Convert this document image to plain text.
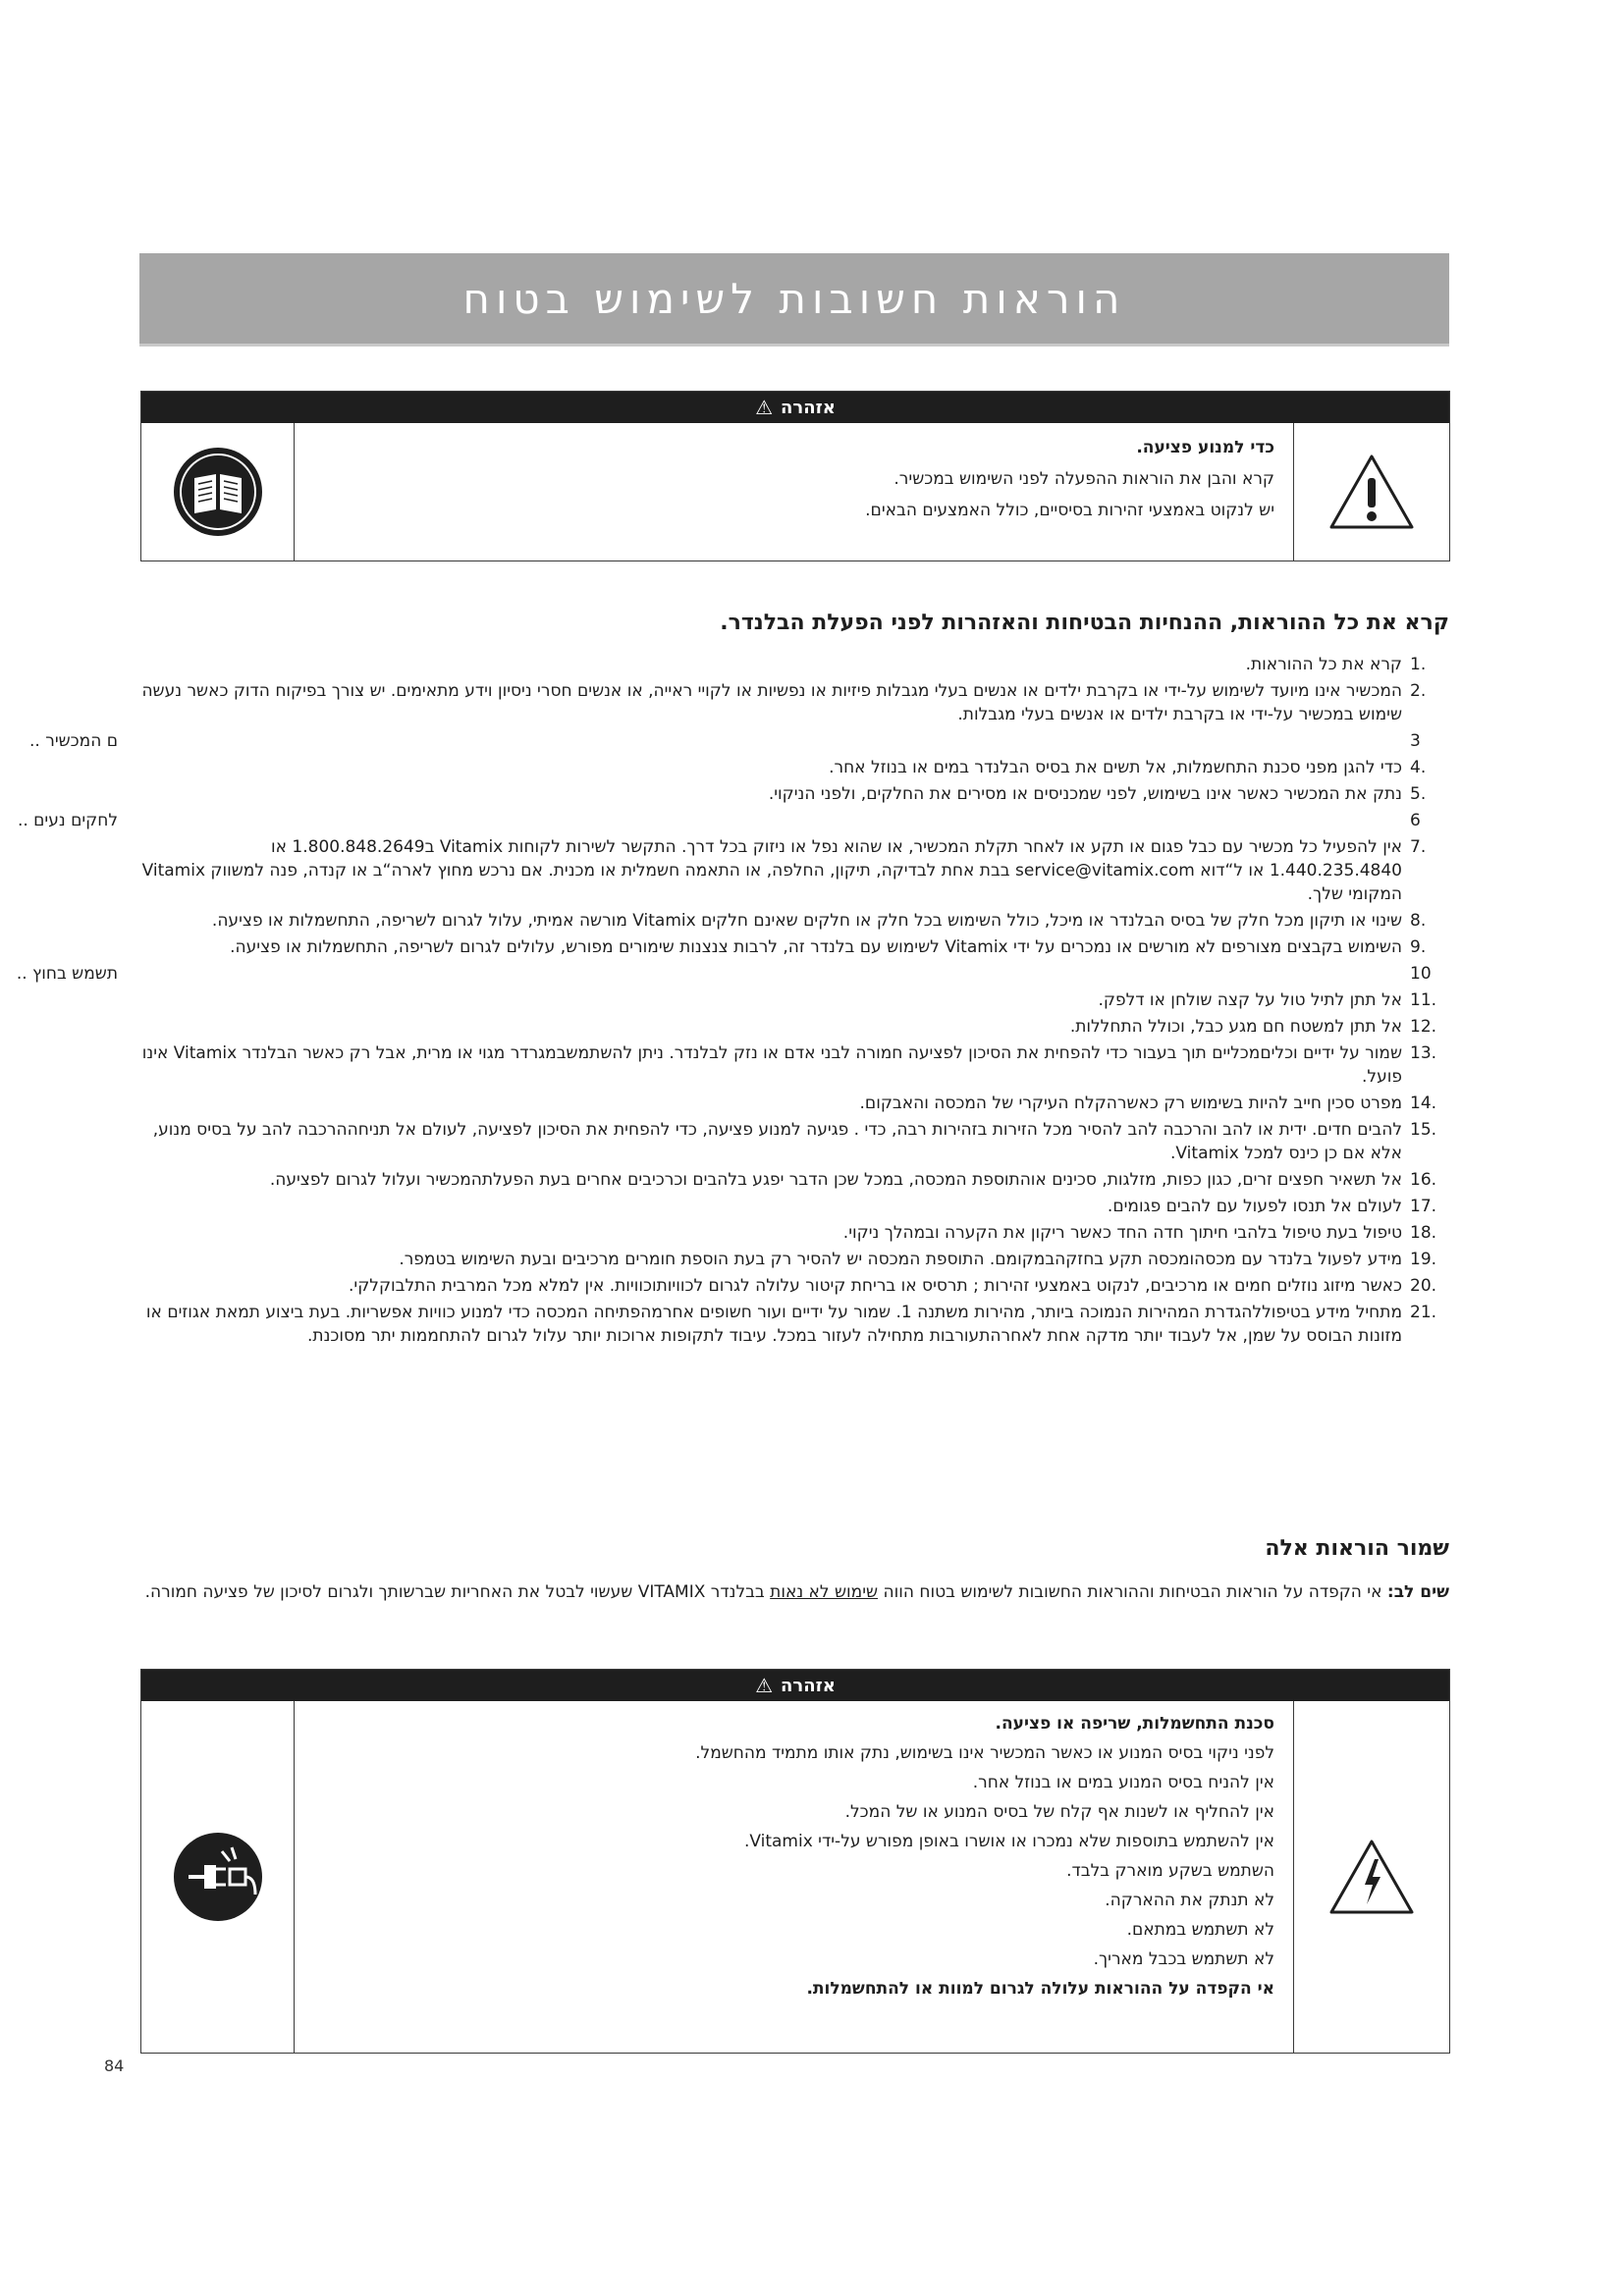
הוראות חשובות לשימוש בטוח
אזהרה
⚠

כדי למנוע פציעה.

קרא והבן את הוראות ההפעלה לפני השימוש במכשיר.

יש לנקוט באמצעי זהירות בסיסיים, כולל האמצעים הבאים.

קרא את כל ההוראות, ההנחיות הבטיחות והאזהרות לפני הפעלת הבלנדר.
1.
קרא את כל ההוראות.
2.
המכשיר אינו מיועד לשימוש על-ידי או בקרבת ילדים או אנשים בעלי מגבלות פיזיות או נפשיות או לקויי ראייה, או אנשים חסרי ניסיון וידע מתאימים. יש צורך בפיקוח הדוק כאשר נעשה שימוש במכשיר על-ידי או בקרבת ילדים או אנשים בעלי מגבלות.
3
ם המכשיר ..
4.
כדי להגן מפני סכנת התחשמלות, אל תשים את בסיס הבלנדר במים או בנוזל אחר.
5.
נתק את המכשיר כאשר אינו בשימוש, לפני שמכניסים או מסירים את החלקים, ולפני הניקוי.
6
לחקים נעים ..
7.
אין להפעיל כל מכשיר עם כבל פגום או תקע או לאחר תקלת המכשיר, או שהוא נפל או ניזוק בכל דרך. התקשר לשירות לקוחות Vitamix ב1.800.848.2649 או 1.440.235.4840 או ל“דוא service@vitamix.com בבת אחת לבדיקה, תיקון, החלפה, או התאמה חשמלית או מכנית. אם נרכש מחוץ לארה“ב או קנדה, פנה למשווק Vitamix המקומי שלך.
8.
שינוי או תיקון מכל חלק של בסיס הבלנדר או מיכל, כולל השימוש בכל חלק או חלקים שאינם חלקים Vitamix מורשה אמיתי, עלול לגרום לשריפה, התחשמלות או פציעה.
9.
השימוש בקבצים מצורפים לא מורשים או נמכרים על ידי Vitamix לשימוש עם בלנדר זה, לרבות צנצנות שימורים מפורש, עלולים לגרום לשריפה, התחשמלות או פציעה.
10
תשמש בחוץ ..
11.
אל תתן לתיל טול על קצה שולחן או דלפק.
12.
אל תתן למשטח חם מגע כבל, וכולל התחללות.
13.
שמור על ידיים וכליםמכליים תוך בעבור כדי להפחית את הסיכון לפציעה חמורה לבני אדם או נזק לבלנדר. ניתן להשתמשבמגרדר מגוי או מרית, אבל רק כאשר הבלנדר Vitamix אינו פועל.
14.
מפרט סכין חייב להיות בשימוש רק כאשרהקלח העיקרי של המכסה והאבקום.
15.
להבים חדים. ידית או להב והרכבה להב להסיר מכל הזירות בזהירות רבה, כדי . פגיעה למנוע פציעה, כדי להפחית את הסיכון לפציעה, לעולם אל תניחההרכבה להב על בסיס מנוע, אלא אם כן כינס למכל Vitamix.
16.
אל תשאיר חפצים זרים, כגון כפות, מזלגות, סכינים אוהתוספת המכסה, במכל שכן הדבר יפגע בלהבים וכרכיבים אחרים בעת הפעלתהמכשיר ועלול לגרום לפציעה.
17.
לעולם אל תנסו לפעול עם להבים פגומים.
18.
טיפול בעת טיפול בלהבי חיתוך חדה החד כאשר ריקון את הקערה ובמהלך ניקוי.
19.
מידע לפעול בלנדר עם מכסהומכסה תקע בחזקהבמקומם. התוספת המכסה יש להסיר רק בעת הוספת חומרים מרכיבים ובעת השימוש בטמפר.
20.
כאשר מיזוג נוזלים חמים או מרכיבים, לנקוט באמצעי זהירות ; תרסיס או בריחת קיטור עלולה לגרום לכוויותוכוויות. אין למלא מכל המרבית התלבוקלקי.
21.
מתחיל מידע בטיפוללהגדרת המהירות הנמוכה ביותר, מהירות משתנה 1. שמור על ידיים ועור חשופים אחרמהפתיחה המכסה כדי למנוע כוויות אפשריות. בעת ביצוע תמאת אגוזים או מזונות הבוסס על שמן, אל לעבוד יותר מדקה אחת לאחרהתעורבות מתחילה לעזור במכל. עיבוד לתקופות ארוכות יותר עלול לגרום להתחממות יתר מסוכנת.
שמור הוראות אלה
שים לב: אי הקפדה על הוראות הבטיחות וההוראות החשובות לשימוש בטוח הווה שימוש לא נאות בבלנדר VITAMIX שעשוי לבטל את האחריות שברשותך ולגרום לסיכון של פציעה חמורה.
אזהרה
⚠

סכנת התחשמלות, שריפה או פציעה.

לפני ניקוי בסיס המנוע או כאשר המכשיר אינו בשימוש, נתק אותו מתמיד מהחשמל.

אין להניח בסיס המנוע במים או בנוזל אחר.

אין להחליף או לשנות אף קלח של בסיס המנוע או של המכל.

אין להשתמש בתוספות שלא נמכרו או אושרו באופן מפורש על-ידי Vitamix.

השתמש בשקע מוארק בלבד.

לא תנתק את ההארקה.

לא תשתמש במתאם.

לא תשתמש בכבל מאריך.

אי הקפדה על ההוראות עלולה לגרום למוות או להתחשמלות.

84
